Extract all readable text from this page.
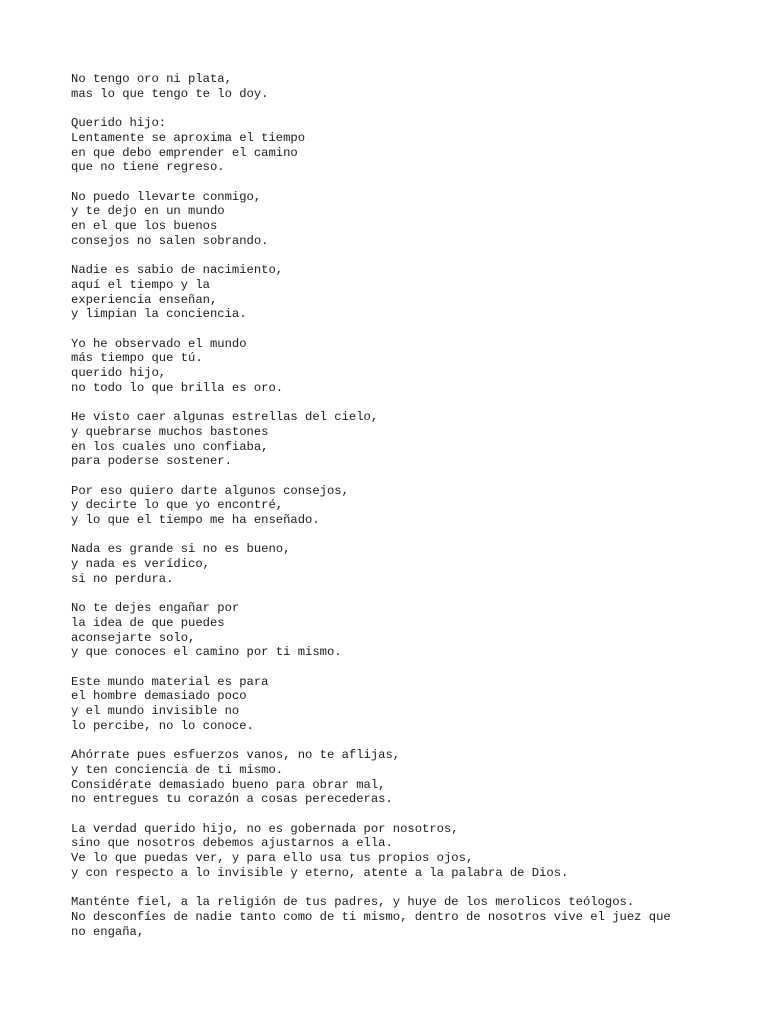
No tengo oro ni plata,
mas lo que tengo te lo doy.
Querido hijo:
Lentamente se aproxima el tiempo
en que debo emprender el camino
que no tiene regreso.
No puedo llevarte conmigo,
y te dejo en un mundo
en el que los buenos
consejos no salen sobrando.
Nadie es sabio de nacimiento,
aquí el tiempo y la
experiencia enseñan,
y limpian la conciencia.
Yo he observado el mundo
más tiempo que tú.
querido hijo,
no todo lo que brilla es oro.
He visto caer algunas estrellas del cielo,
y quebrarse muchos bastones
en los cuales uno confiaba,
para poderse sostener.
Por eso quiero darte algunos consejos,
y decirte lo que yo encontré,
y lo que el tiempo me ha enseñado.
Nada es grande si no es bueno,
y nada es verídico,
si no perdura.
No te dejes engañar por
la idea de que puedes
aconsejarte solo,
y que conoces el camino por ti mismo.
Este mundo material es para
el hombre demasiado poco
y el mundo invisible no
lo percibe, no lo conoce.
Ahórrate pues esfuerzos vanos, no te aflijas,
y ten conciencia de ti mismo.
Considérate demasiado bueno para obrar mal,
no entregues tu corazón a cosas perecederas.
La verdad querido hijo, no es gobernada por nosotros,
sino que nosotros debemos ajustarnos a ella.
Ve lo que puedas ver, y para ello usa tus propios ojos,
y con respecto a lo invisible y eterno, atente a la palabra de Dios.
Manténte fiel, a la religión de tus padres, y huye de los merolicos teólogos.
No desconfíes de nadie tanto como de ti mismo, dentro de nosotros vive el juez que
no engaña,
